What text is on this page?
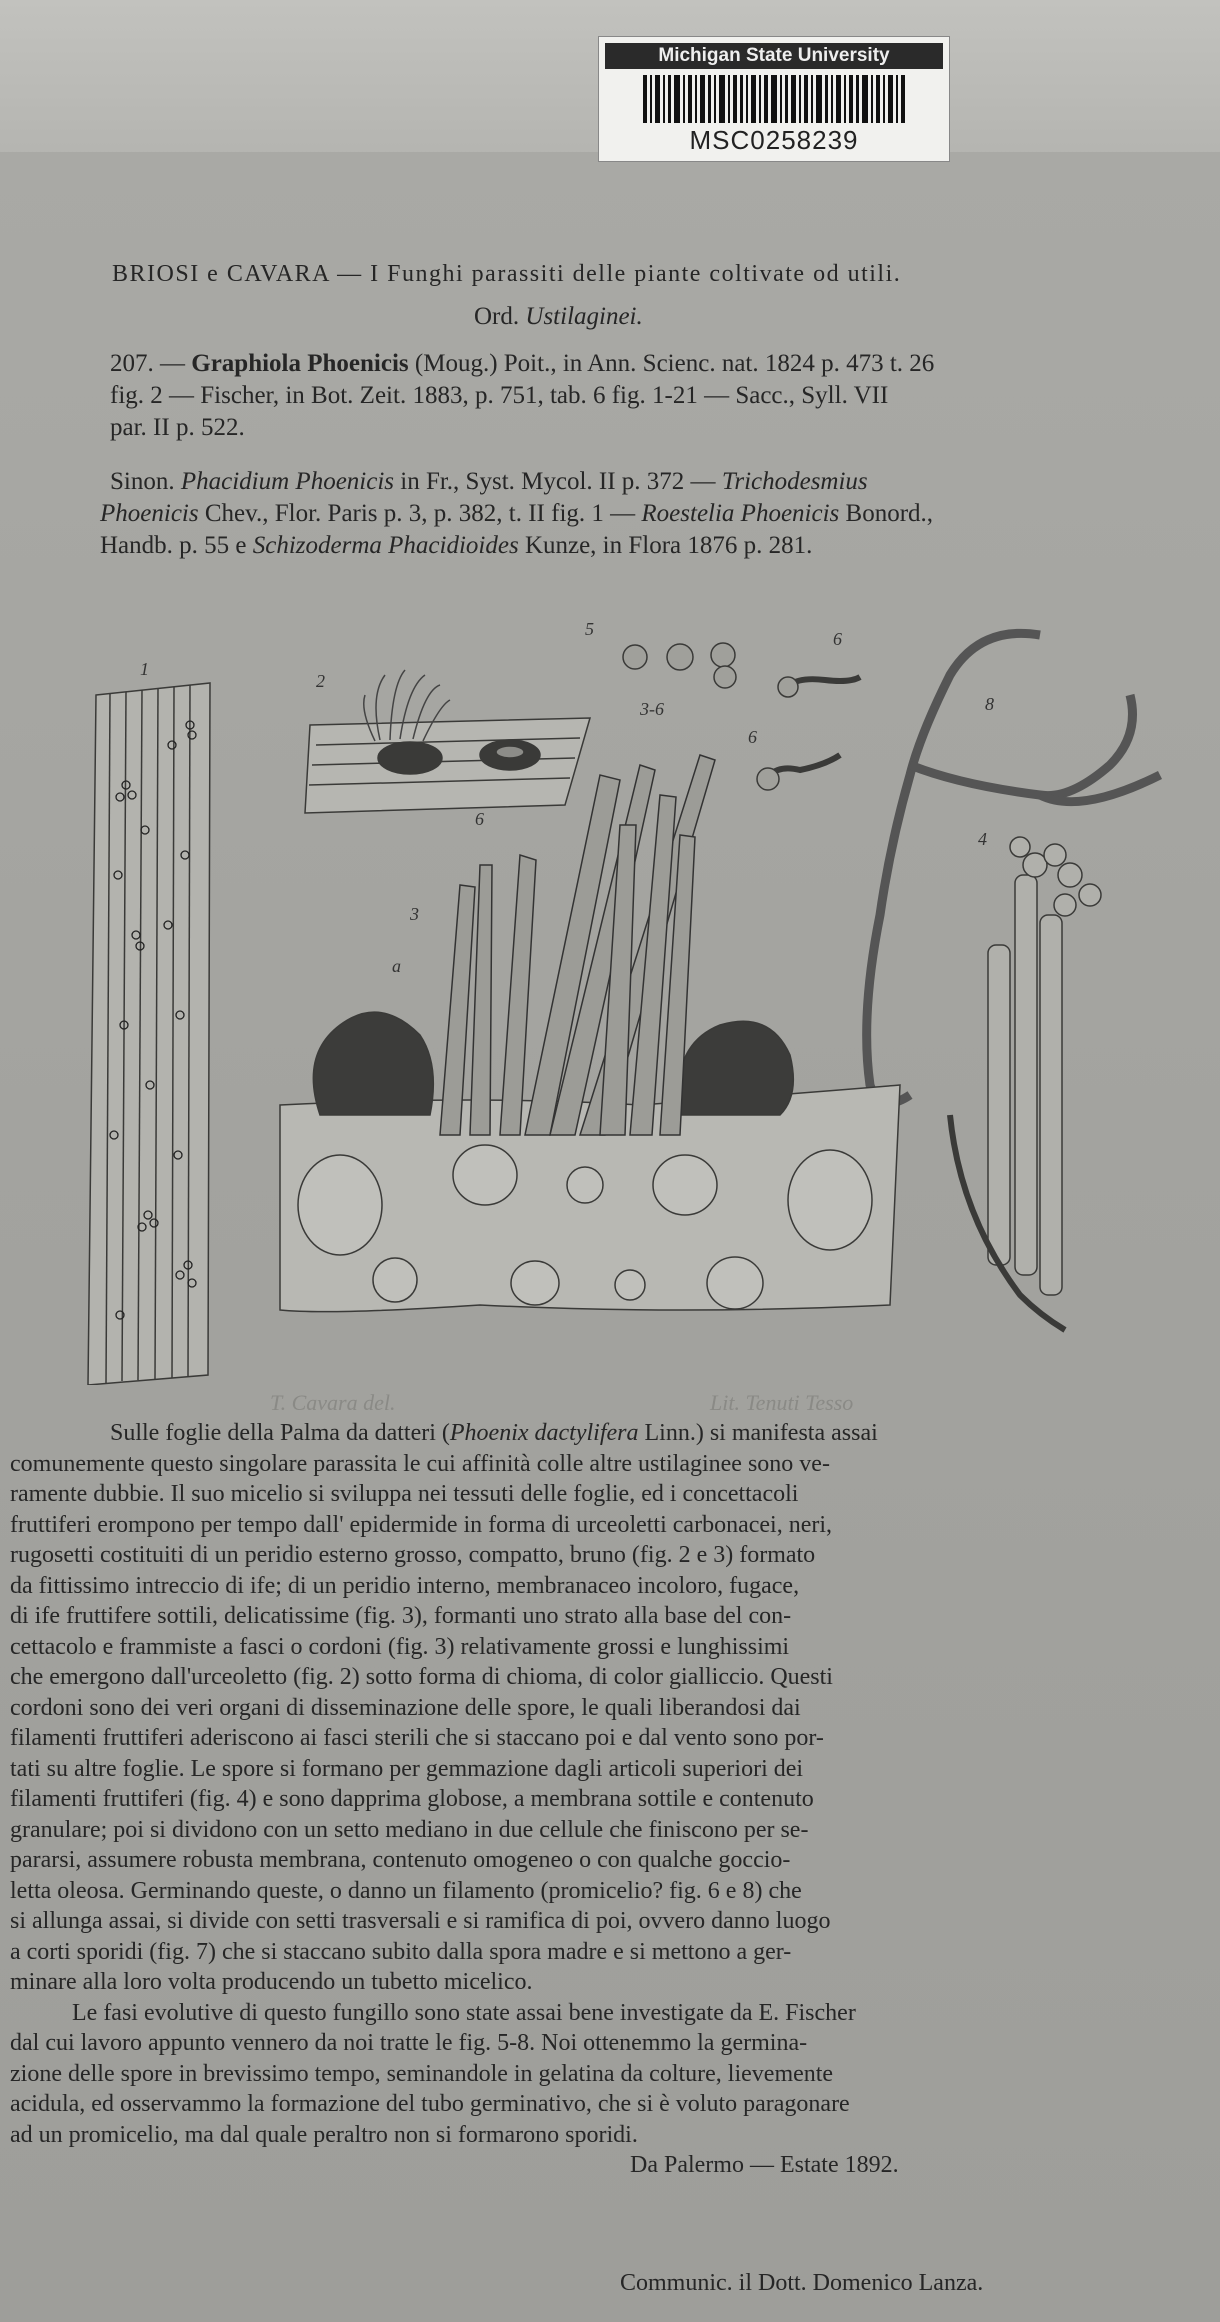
Michigan State University
MSC0258239
BRIOSI e CAVARA — I Funghi parassiti delle piante coltivate od utili.
Ord. Ustilaginei.
207. — Graphiola Phoenicis (Moug.) Poit., in Ann. Scienc. nat. 1824 p. 473 t. 26
fig. 2 — Fischer, in Bot. Zeit. 1883, p. 751, tab. 6 fig. 1-21 — Sacc., Syll. VII
par. II p. 522.
Sinon. Phacidium Phoenicis in Fr., Syst. Mycol. II p. 372 — Trichodesmius
Phoenicis Chev., Flor. Paris p. 3, p. 382, t. II fig. 1 — Roestelia Phoenicis Bonord.,
Handb. p. 55 e Schizoderma Phacidioides Kunze, in Flora 1876 p. 281.
1
2
3
3-6
5	6
6
8
4
6
a
T. Cavara del.	Lit. Tenuti Tesso
Sulle foglie della Palma da datteri (Phoenix dactylifera Linn.) si manifesta assai
comunemente questo singolare parassita le cui affinità colle altre ustilaginee sono ve-
ramente dubbie. Il suo micelio si sviluppa nei tessuti delle foglie, ed i concettacoli
fruttiferi erompono per tempo dall' epidermide in forma di urceoletti carbonacei, neri,
rugosetti costituiti di un peridio esterno grosso, compatto, bruno (fig. 2 e 3) formato
da fittissimo intreccio di ife; di un peridio interno, membranaceo incoloro, fugace,
di ife fruttifere sottili, delicatissime (fig. 3), formanti uno strato alla base del con-
cettacolo e frammiste a fasci o cordoni (fig. 3) relativamente grossi e lunghissimi
che emergono dall'urceoletto (fig. 2) sotto forma di chioma, di color gialliccio. Questi
cordoni sono dei veri organi di disseminazione delle spore, le quali liberandosi dai
filamenti fruttiferi aderiscono ai fasci sterili che si staccano poi e dal vento sono por-
tati su altre foglie. Le spore si formano per gemmazione dagli articoli superiori dei
filamenti fruttiferi (fig. 4) e sono dapprima globose, a membrana sottile e contenuto
granulare; poi si dividono con un setto mediano in due cellule che finiscono per se-
pararsi, assumere robusta membrana, contenuto omogeneo o con qualche goccio-
letta oleosa. Germinando queste, o danno un filamento (promicelio? fig. 6 e 8) che
si allunga assai, si divide con setti trasversali e si ramifica di poi, ovvero danno luogo
a corti sporidi (fig. 7) che si staccano subito dalla spora madre e si mettono a ger-
minare alla loro volta producendo un tubetto micelico.
Le fasi evolutive di questo fungillo sono state assai bene investigate da E. Fischer
dal cui lavoro appunto vennero da noi tratte le fig. 5-8. Noi ottenemmo la germina-
zione delle spore in brevissimo tempo, seminandole in gelatina da colture, lievemente
acidula, ed osservammo la formazione del tubo germinativo, che si è voluto paragonare
ad un promicelio, ma dal quale peraltro non si formarono sporidi.
Da Palermo — Estate 1892.
Communic. il Dott. Domenico Lanza.
